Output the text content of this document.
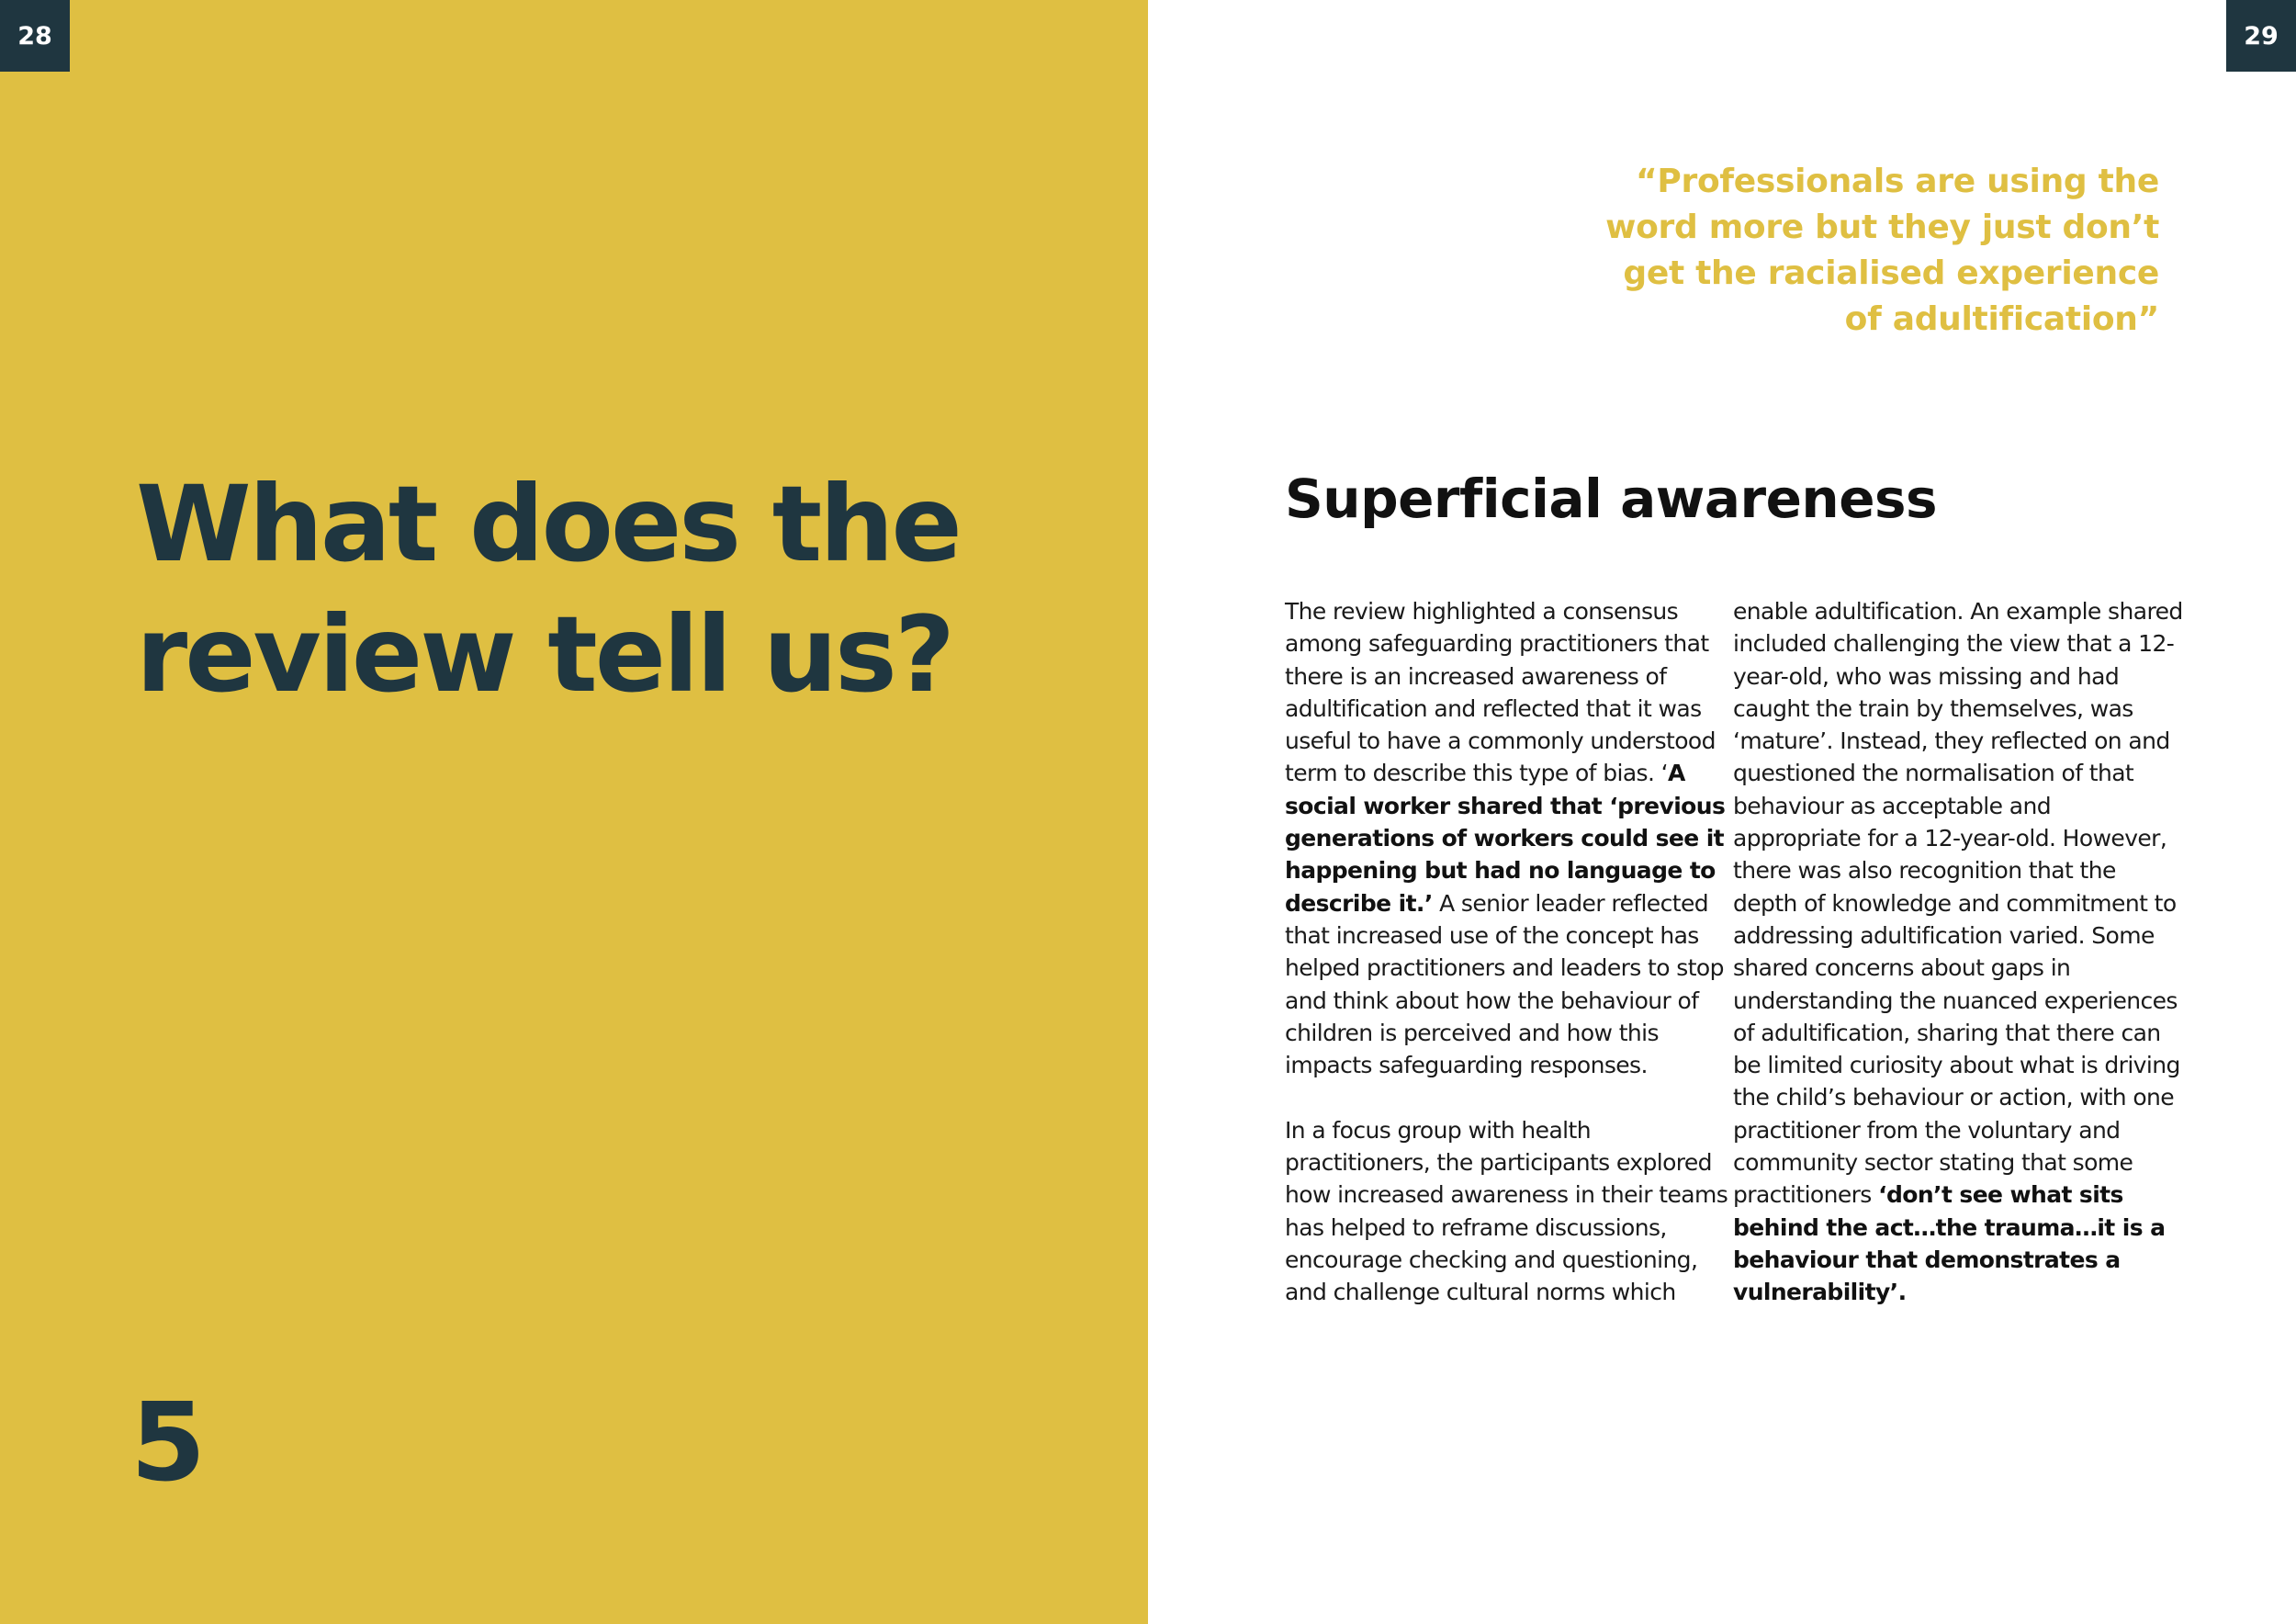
28
What does the
review tell us?
5
29
“Professionals are using the
word more but they just don’t
get the racialised experience
of adultification”
Superficial awareness

The review highlighted a consensus among safeguarding practitioners that there is an increased awareness of adultification and reflected that it was useful to have a commonly understood term to describe this type of bias. ‘A social worker shared that ‘previous generations of workers could see it happening but had no language to describe it.’ A senior leader reflected that increased use of the concept has helped practitioners and leaders to stop and think about how the behaviour of children is perceived and how this impacts safeguarding responses.

In a focus group with health practitioners, the participants explored how increased awareness in their teams has helped to reframe discussions, encourage checking and questioning, and challenge cultural norms which

enable adultification. An example shared included challenging the view that a 12-year-old, who was missing and had caught the train by themselves, was ‘mature’. Instead, they reflected on and questioned the normalisation of that behaviour as acceptable and appropriate for a 12-year-old. However, there was also recognition that the depth of knowledge and commitment to addressing adultification varied. Some shared concerns about gaps in understanding the nuanced experiences of adultification, sharing that there can be limited curiosity about what is driving the child’s behaviour or action, with one practitioner from the voluntary and community sector stating that some practitioners ‘don’t see what sits behind the act…the trauma…it is a behaviour that demonstrates a vulnerability’.
